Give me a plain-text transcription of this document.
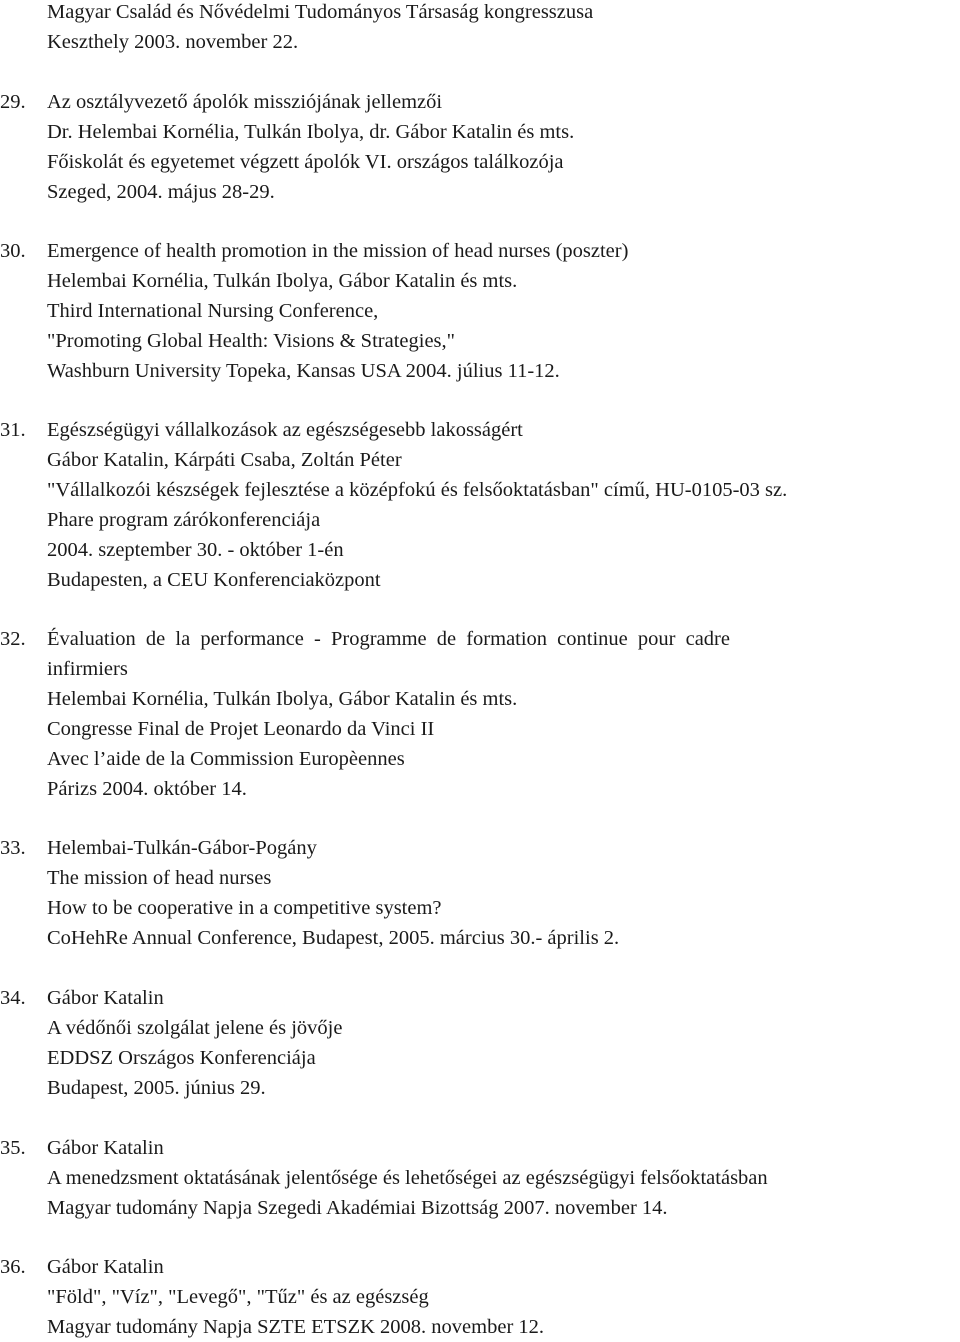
Magyar Család és Nővédelmi Tudományos Társaság kongresszusa
Keszthely 2003. november 22.
29. Az osztályvezető ápolók missziójának jellemzői
Dr. Helembai Kornélia, Tulkán Ibolya, dr. Gábor Katalin és mts.
Főiskolát és egyetemet végzett ápolók VI. országos találkozója
Szeged, 2004. május 28-29.
30. Emergence of health promotion in the mission of head nurses (poszter)
Helembai Kornélia, Tulkán Ibolya, Gábor Katalin és mts.
Third International Nursing Conference,
"Promoting Global Health: Visions & Strategies,"
Washburn University Topeka, Kansas USA 2004. július 11-12.
31. Egészségügyi vállalkozások az egészségesebb lakosságért
Gábor Katalin, Kárpáti Csaba, Zoltán Péter
"Vállalkozói készségek fejlesztése a középfokú és felsőoktatásban" című, HU-0105-03 sz.
Phare program zárókonferenciája
2004. szeptember 30. - október 1-én
Budapesten, a CEU Konferenciaközpont
32. Évaluation de la performance - Programme de formation continue pour cadre
infirmiers
Helembai Kornélia, Tulkán Ibolya, Gábor Katalin és mts.
Congresse Final de Projet Leonardo da Vinci II
Avec l’aide de la Commission Europèennes
Párizs 2004. október 14.
33. Helembai-Tulkán-Gábor-Pogány
The mission of head nurses
How to be cooperative in a competitive system?
CoHehRe Annual Conference, Budapest, 2005. március 30.- április 2.
34. Gábor Katalin
A védőnői szolgálat jelene és jövője
EDDSZ Országos Konferenciája
Budapest, 2005. június 29.
35. Gábor Katalin
A menedzsment oktatásának jelentősége és lehetőségei az egészségügyi felsőoktatásban
Magyar tudomány Napja Szegedi Akadémiai Bizottság 2007. november 14.
36. Gábor Katalin
"Föld", "Víz", "Levegő", "Tűz" és az egészség
Magyar tudomány Napja SZTE ETSZK 2008. november 12.
